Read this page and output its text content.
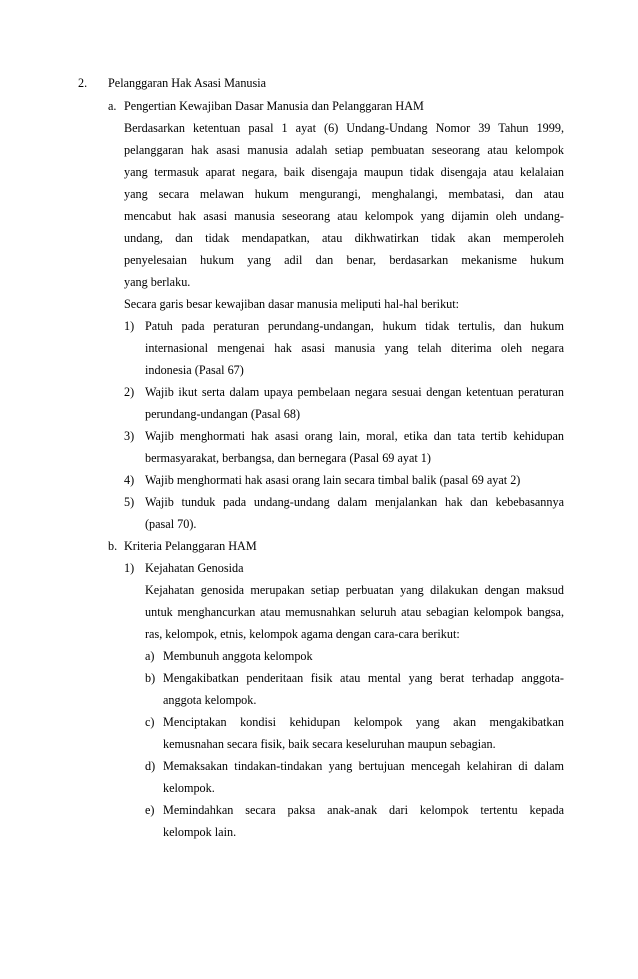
2. Pelanggaran Hak Asasi Manusia
a. Pengertian Kewajiban Dasar Manusia dan Pelanggaran HAM
Berdasarkan ketentuan pasal 1 ayat (6) Undang-Undang Nomor 39 Tahun 1999,
pelanggaran hak asasi manusia adalah setiap pembuatan seseorang atau kelompok
yang termasuk aparat negara, baik disengaja maupun tidak disengaja atau kelalaian
yang secara melawan hukum mengurangi, menghalangi, membatasi, dan atau
mencabut hak asasi manusia seseorang atau kelompok yang dijamin oleh undang-
undang, dan tidak mendapatkan, atau dikhwatirkan tidak akan memperoleh
penyelesaian hukum yang adil dan benar, berdasarkan mekanisme hukum
yang berlaku.
Secara garis besar kewajiban dasar manusia meliputi hal-hal berikut:
1) Patuh pada peraturan perundang-undangan, hukum tidak tertulis, dan hukum
internasional mengenai hak asasi manusia yang telah diterima oleh negara
indonesia (Pasal 67)
2) Wajib ikut serta dalam upaya pembelaan negara sesuai dengan ketentuan peraturan
perundang-undangan (Pasal 68)
3) Wajib menghormati hak asasi orang lain, moral, etika dan tata tertib kehidupan
bermasyarakat, berbangsa, dan bernegara (Pasal 69 ayat 1)
4) Wajib menghormati hak asasi orang lain secara timbal balik (pasal 69 ayat 2)
5) Wajib tunduk pada undang-undang dalam menjalankan hak dan kebebasannya
(pasal 70).
b. Kriteria Pelanggaran HAM
1) Kejahatan Genosida
Kejahatan genosida merupakan setiap perbuatan yang dilakukan dengan maksud
untuk menghancurkan atau memusnahkan seluruh atau sebagian kelompok bangsa,
ras, kelompok, etnis, kelompok agama dengan cara-cara berikut:
a) Membunuh anggota kelompok
b) Mengakibatkan penderitaan fisik atau mental yang berat terhadap anggota-
anggota kelompok.
c) Menciptakan kondisi kehidupan kelompok yang akan mengakibatkan
kemusnahan secara fisik, baik secara keseluruhan maupun sebagian.
d) Memaksakan tindakan-tindakan yang bertujuan mencegah kelahiran di dalam
kelompok.
e) Memindahkan secara paksa anak-anak dari kelompok tertentu kepada
kelompok lain.
